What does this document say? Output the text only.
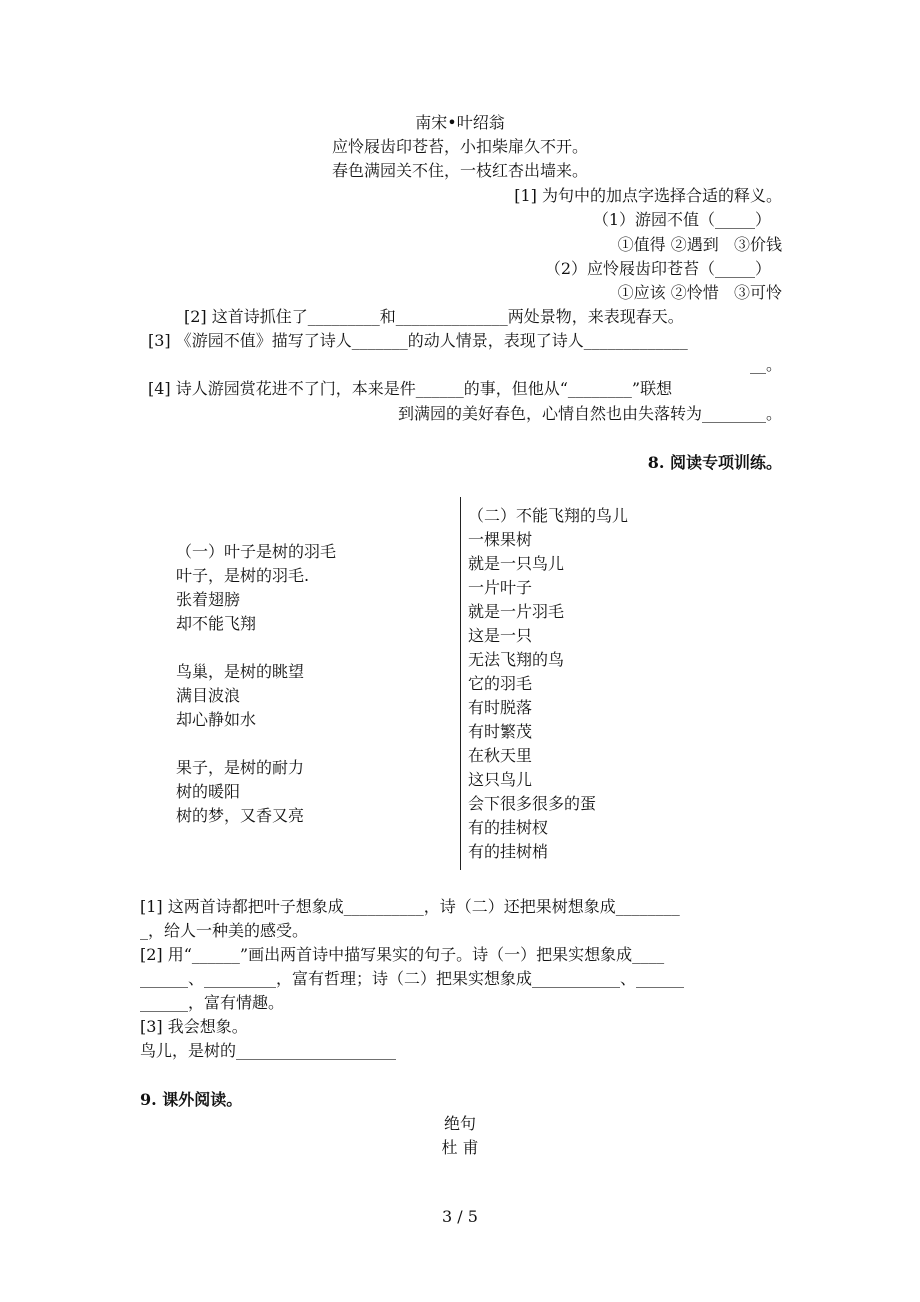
南宋•叶绍翁
应怜屐齿印苍苔，小扣柴扉久不开。
春色满园关不住，一枝红杏出墙来。
[1] 为句中的加点字选择合适的释义。
（1）游园不值（_____）
①值得 ②遇到   ③价钱
（2）应怜屐齿印苍苔（_____）
①应该 ②怜惜   ③可怜
[2] 这首诗抓住了_________和______________两处景物，来表现春天。
[3] 《游园不值》描写了诗人_______的动人情景，表现了诗人_____________
__。
[4] 诗人游园赏花进不了门，本来是件______的事，但他从“________”联想
到满园的美好春色，心情自然也由失落转为________。
8. 阅读专项训练。
（一）叶子是树的羽毛
叶子，是树的羽毛.
张着翅膀
却不能飞翔
鸟巢，是树的眺望
满目波浪
却心静如水
果子，是树的耐力
树的暖阳
树的梦，又香又亮
（二）不能飞翔的鸟儿
一棵果树
就是一只鸟儿
一片叶子
就是一片羽毛
这是一只
无法飞翔的鸟
它的羽毛
有时脱落
有时繁茂
在秋天里
这只鸟儿
会下很多很多的蛋
有的挂树杈
有的挂树梢
[1] 这两首诗都把叶子想象成__________，诗（二）还把果树想象成________
_，给人一种美的感受。
[2] 用“______”画出两首诗中描写果实的句子。诗（一）把果实想象成____
______、_________，富有哲理；诗（二）把果实想象成___________、______
______，富有情趣。
[3] 我会想象。
鸟儿，是树的____________________
9. 课外阅读。
绝句
杜 甫
3 / 5
